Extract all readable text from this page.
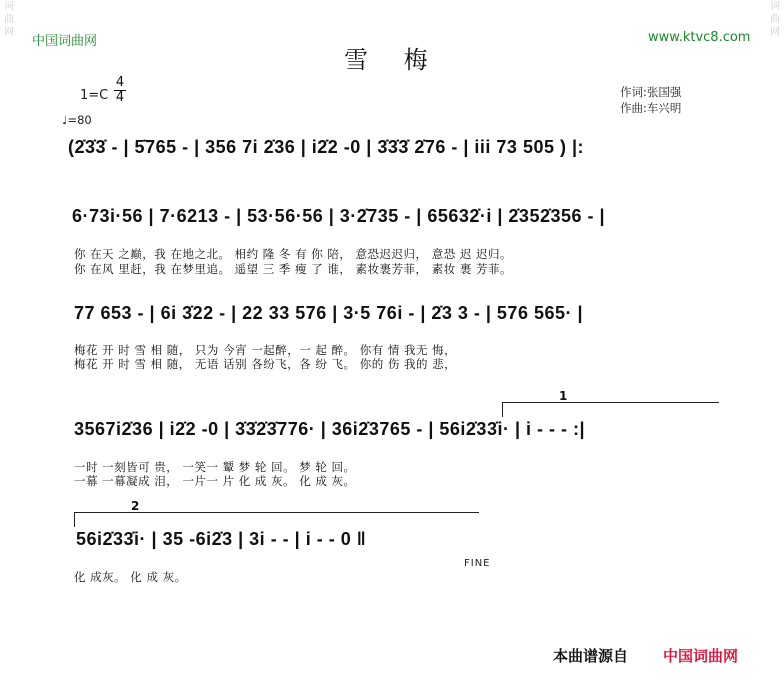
词
曲
网
词
曲
网
中国词曲网	www.ktvc8.com
雪 梅
1=C
4
4
♩=80
作词:张国强
作曲:车兴明
(2̇3̇3̇ - | 5̇765 - | 356 7i 2̇36 | i2̇2 -0 | 3̇3̇3̇ 2̇76 - | iii 73 505 ) |:
6·73i·56 | 7·6213 - | 53·56·56 | 3·2̇735 - | 65632̇·i | 2̇352̇356 - |
你 在天 之巅，我 在地之北。 相约 隆 冬 有 你 陪， 意恐迟迟归， 意恐 迟 迟归。
你 在风 里赶，我 在梦里追。 遥望 三 季 瘦 了 谁， 素妆裹芳菲， 素妆 裹 芳菲。
77 653 - | 6i 3̇22 - | 22 33 576 | 3·5 76i - | 2̇3 3 - | 576 565· |
梅花 开 时 雪 相 随， 只为 今宵 一起醉，一 起 醉。 你有 情 我无 悔，
梅花 开 时 雪 相 随， 无语 话别 各纷飞，各 纷 飞。 你的 伤 我的 悲，
1
3567i2̇36 | i2̇2 -0 | 3̇3̇2̇3̇776· | 36i2̇3765 - | 56i2̇33̇i· | i - - - :|
一时 一刻皆可 贵， 一笑一 颦 梦 轮 回。 梦 轮 回。
一幕 一幕凝成 泪， 一片一 片 化 成 灰。 化 成 灰。
2
56i2̇33̇i· | 35 -6i2̇3 | 3i - - | i - - 0 ‖
FINE
化 成灰。 化 成 灰。
本曲谱源自 中国词曲网
